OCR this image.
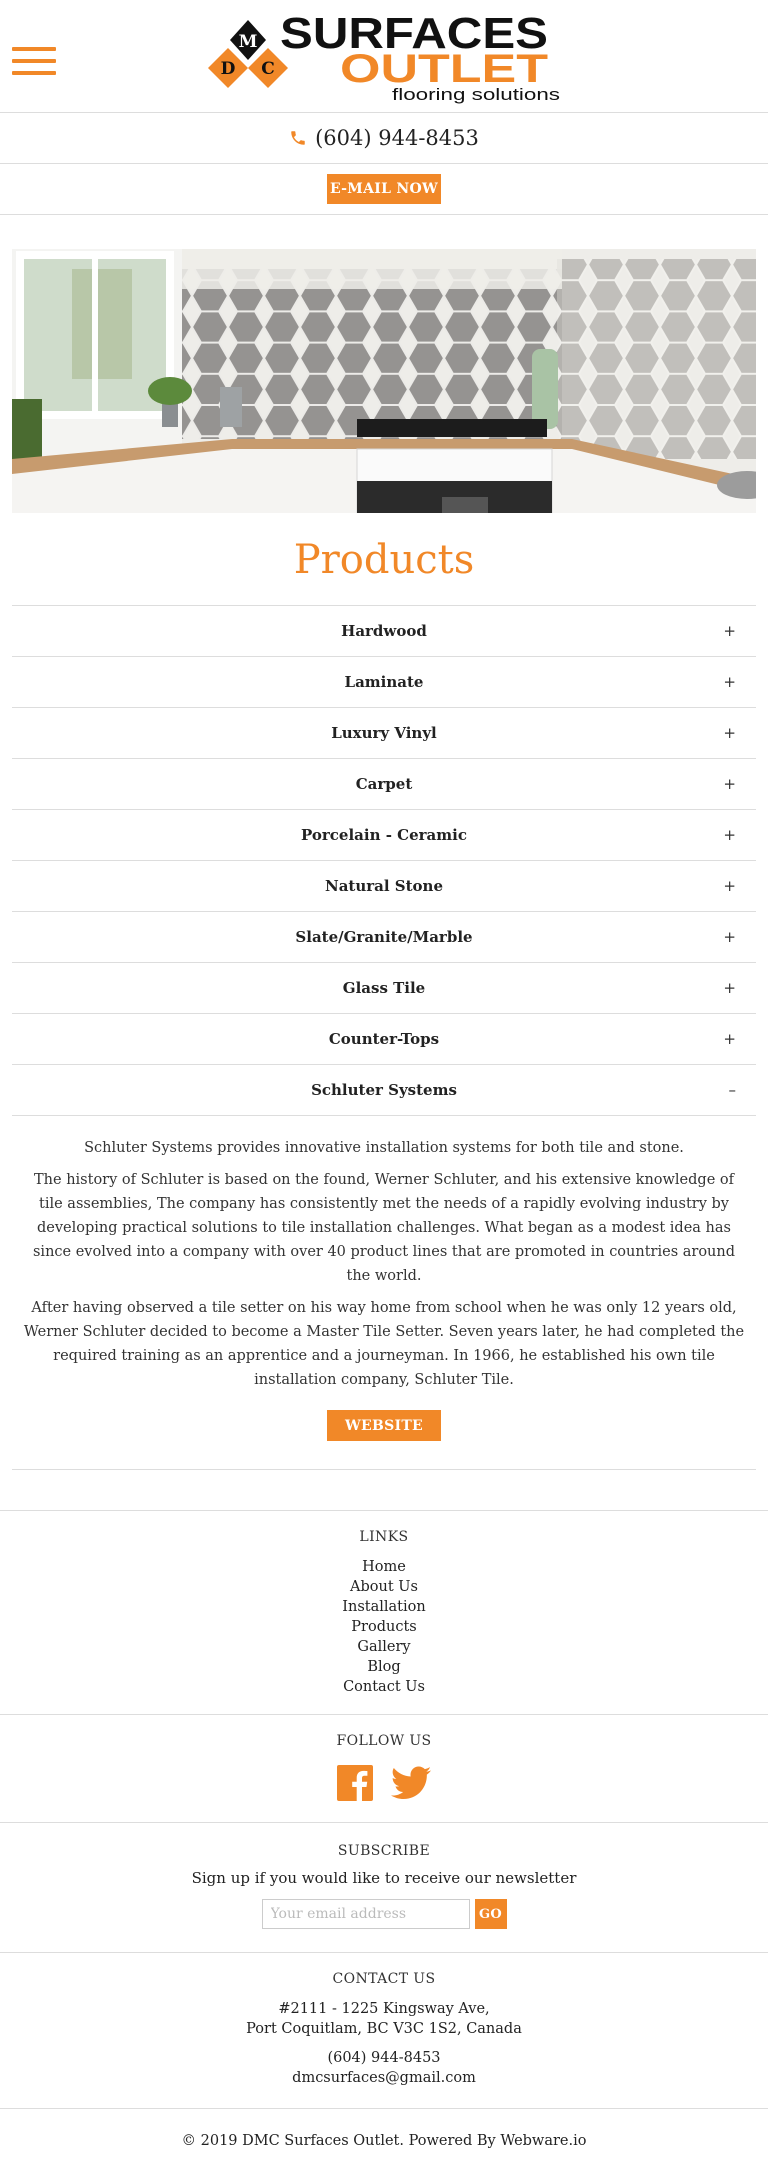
D
M
C
SURFACES
OUTLET
flooring solutions
(604) 944-8453
E-MAIL NOW
Products
Hardwood	+
Laminate	+
Luxury Vinyl	+
Carpet	+
Porcelain - Ceramic	+
Natural Stone	+
Slate/Granite/Marble	+
Glass Tile	+
Counter-Tops	+
Schluter Systems	–

Schluter Systems provides innovative installation systems for both tile and stone.

The history of Schluter is based on the found, Werner Schluter, and his extensive knowledge of tile assemblies, The company has consistently met the needs of a rapidly evolving industry by developing practical solutions to tile installation challenges. What began as a modest idea has since evolved into a company with over 40 product lines that are promoted in countries around the world.

After having observed a tile setter on his way home from school when he was only 12 years old, Werner Schluter decided to become a Master Tile Setter. Seven years later, he had completed the required training as an apprentice and a journeyman. In 1966, he established his own tile installation company, Schluter Tile.

WEBSITE
LINKS
Home
About Us
Installation
Products
Gallery
Blog
Contact Us
FOLLOW US
SUBSCRIBE
Sign up if you would like to receive our newsletter
Your email address
GO
CONTACT US
#2111 - 1225 Kingsway Ave,
Port Coquitlam, BC V3C 1S2, Canada
(604) 944-8453
dmcsurfaces@gmail.com
© 2019 DMC Surfaces Outlet. Powered By Webware.io
